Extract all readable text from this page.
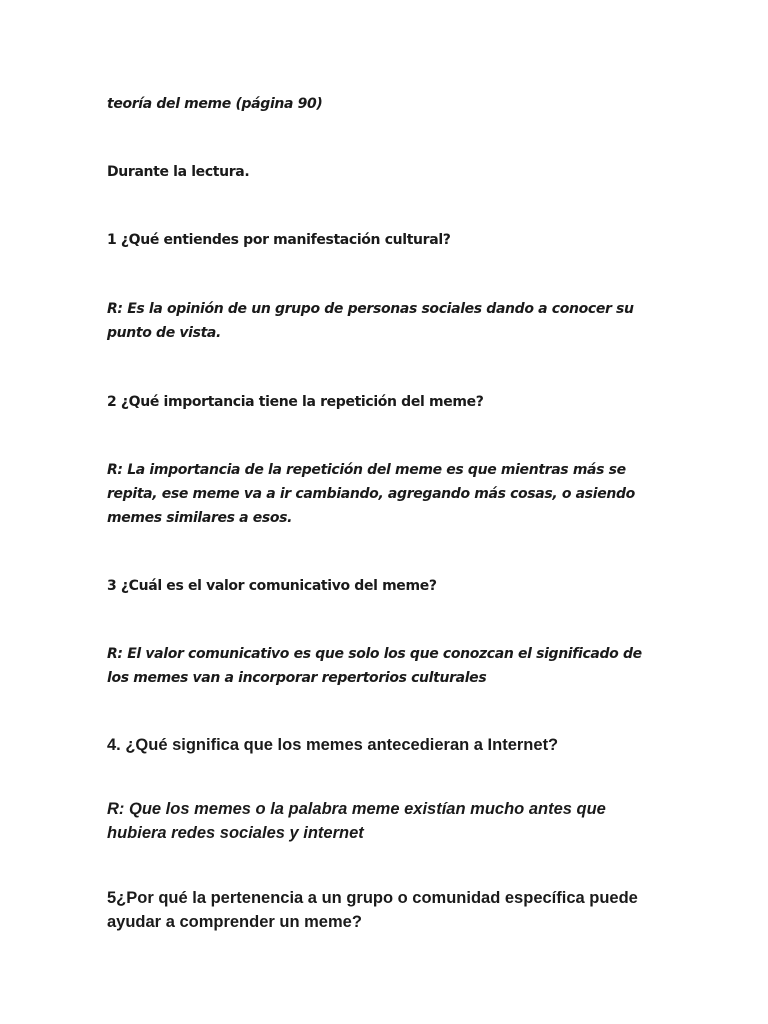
teoría del meme (página 90)

Durante la lectura.

1 ¿Qué entiendes por manifestación cultural?

R: Es la opinión de un grupo de personas sociales dando a conocer su punto de vista.

2 ¿Qué importancia tiene la repetición del meme?

R: La importancia de la repetición del meme es que mientras más se repita, ese meme va a ir cambiando, agregando más cosas, o asiendo memes similares a esos.

3 ¿Cuál es el valor comunicativo del meme?

R: El valor comunicativo es que solo los que conozcan el significado de los memes van a incorporar repertorios culturales

4. ¿Qué significa que los memes antecedieran a Internet?

R: Que los memes o la palabra meme existían mucho antes que hubiera redes sociales y internet

5¿Por qué la pertenencia a un grupo o comunidad específica puede ayudar a comprender un meme?
